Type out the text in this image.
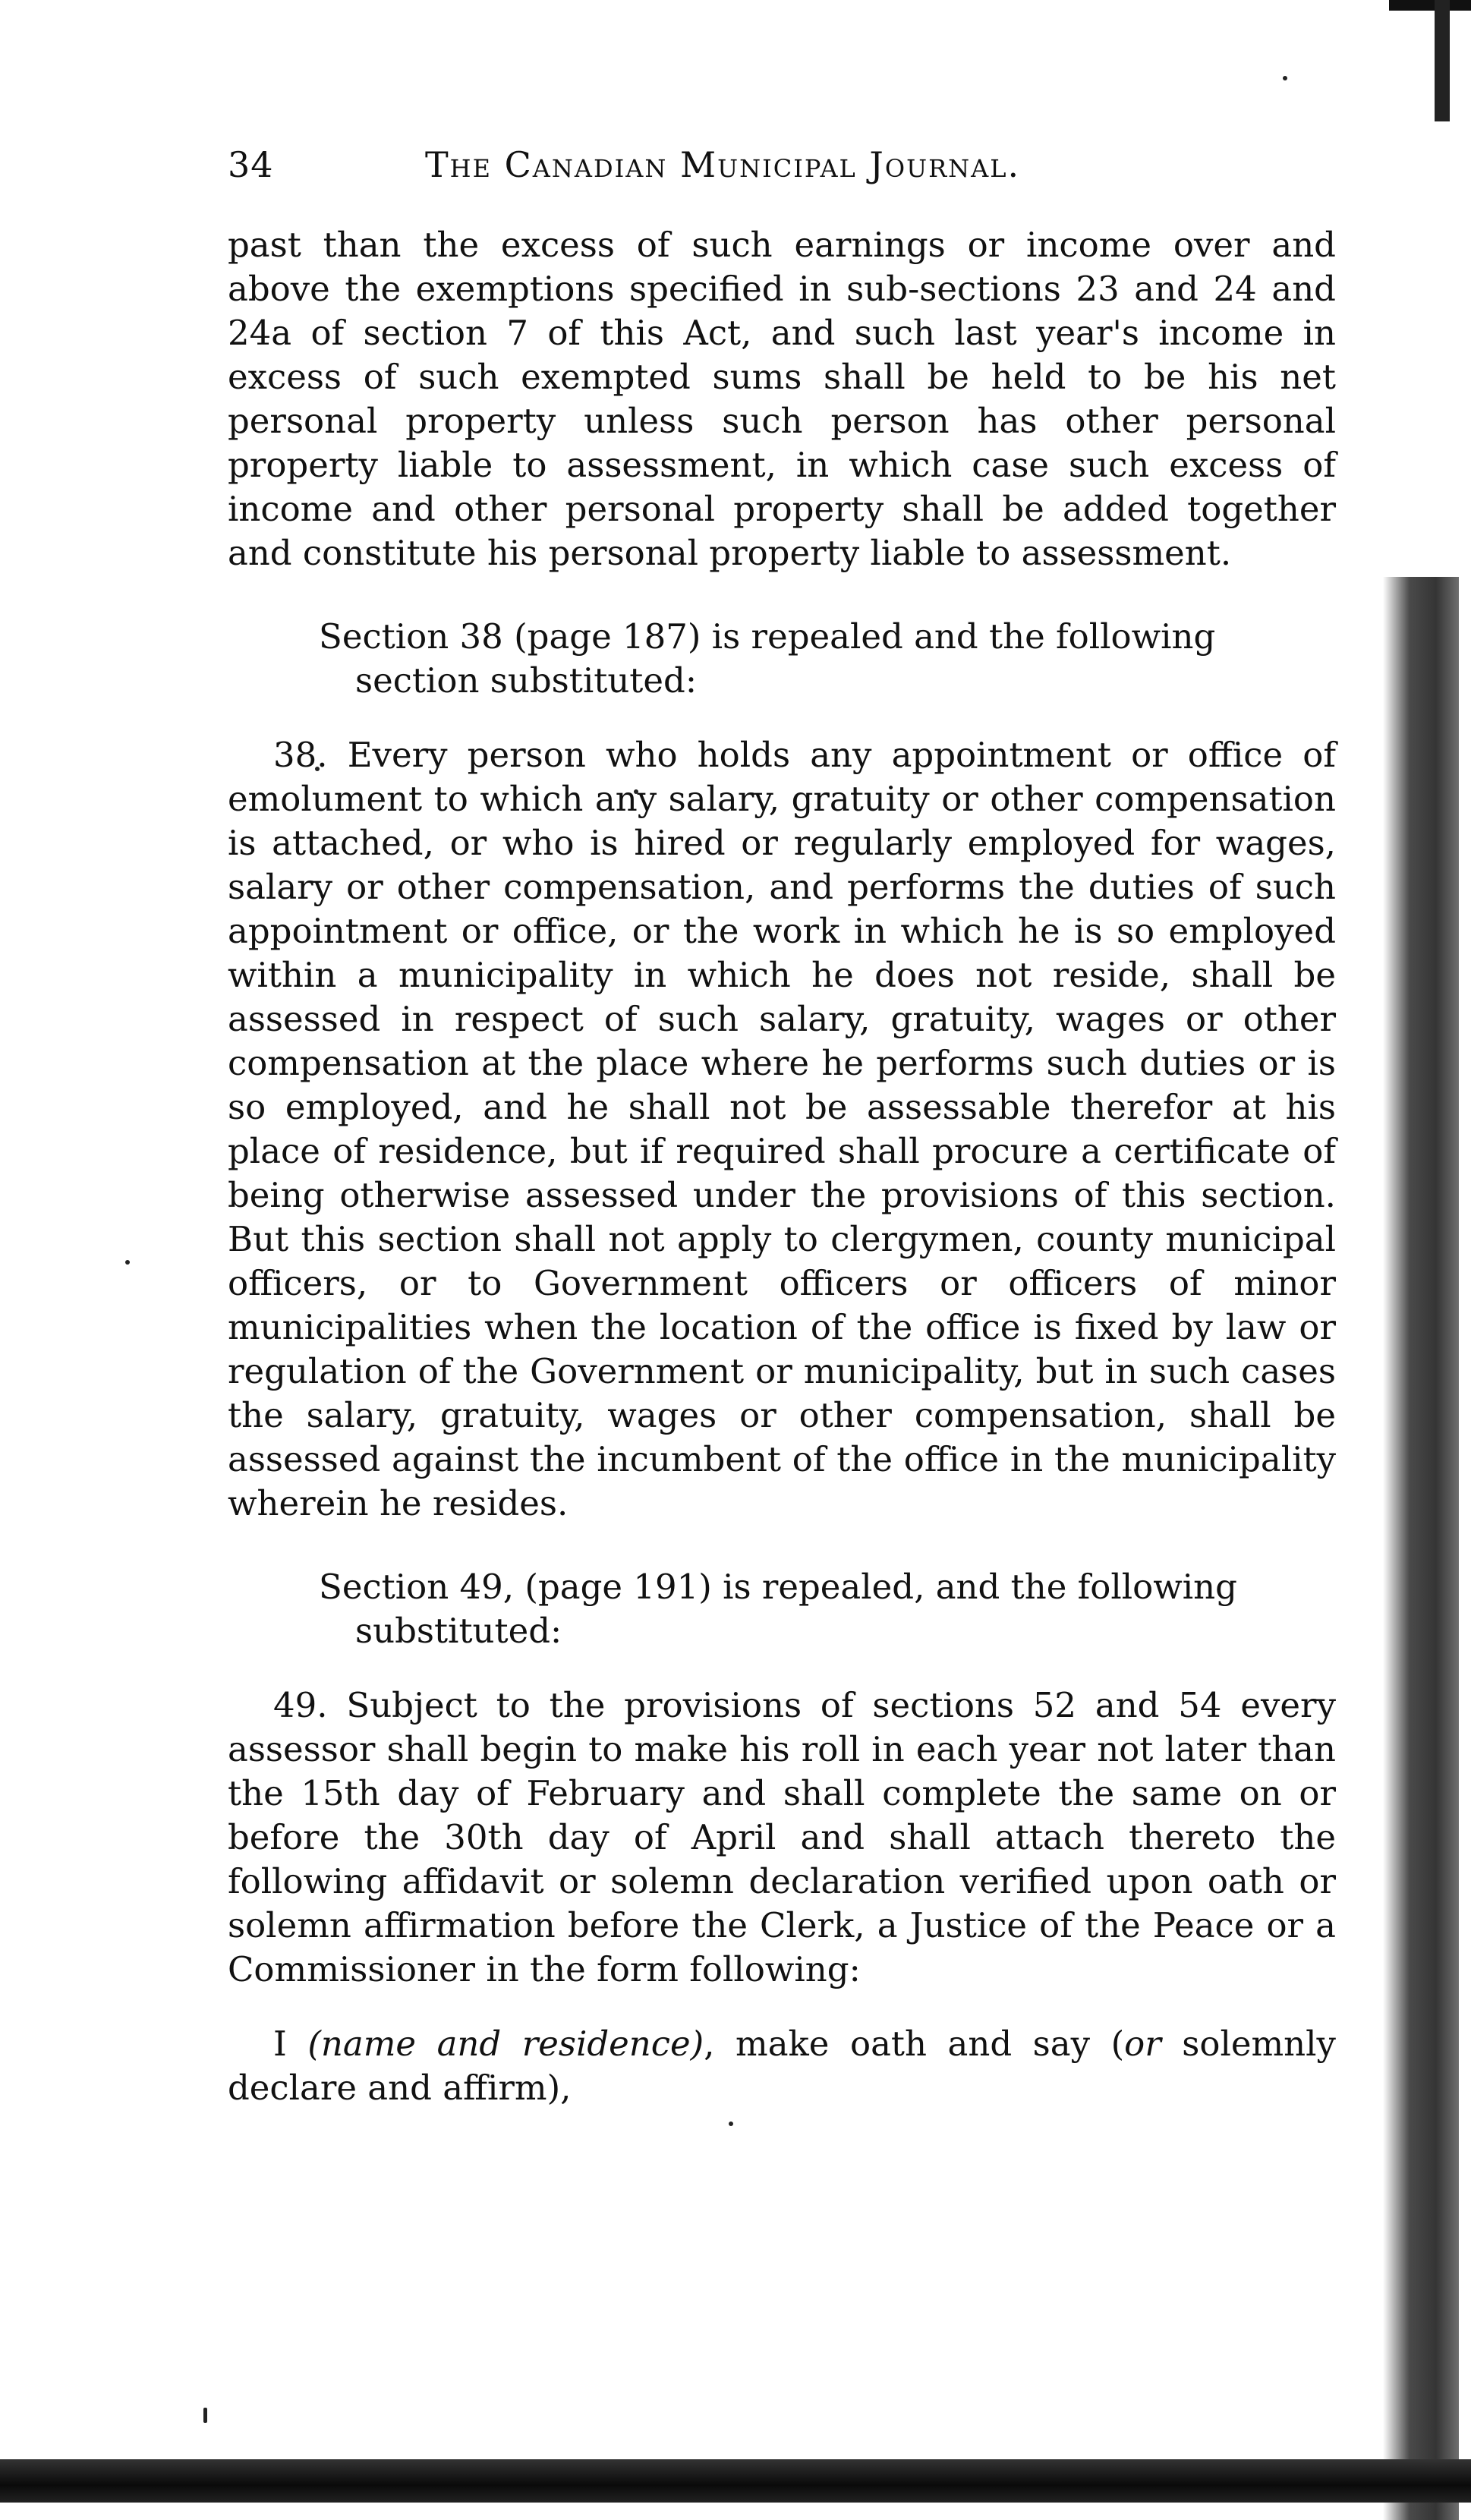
34	The Canadian Municipal Journal.

past than the excess of such earnings or income over and above the exemptions specified in sub-sections 23 and 24 and 24a of section 7 of this Act, and such last year's income in excess of such exempted sums shall be held to be his net personal property unless such person has other personal property liable to assessment, in which case such excess of income and other personal property shall be added together and constitute his personal property liable to assessment.

Section 38 (page 187) is repealed and the following
section substituted:

38. Every person who holds any appointment or office of emolument to which any salary, gratuity or other compensation is attached, or who is hired or regularly employed for wages, salary or other compensation, and performs the duties of such appointment or office, or the work in which he is so employed within a municipality in which he does not reside, shall be assessed in respect of such salary, gratuity, wages or other compensation at the place where he performs such duties or is so employed, and he shall not be assessable therefor at his place of residence, but if required shall procure a certificate of being otherwise assessed under the provisions of this section. But this section shall not apply to clergymen, county municipal officers, or to Government officers or officers of minor municipalities when the location of the office is fixed by law or regulation of the Government or municipality, but in such cases the salary, gratuity, wages or other compensation, shall be assessed against the incumbent of the office in the municipality wherein he resides.

Section 49, (page 191) is repealed, and the following
substituted:

49. Subject to the provisions of sections 52 and 54 every assessor shall begin to make his roll in each year not later than the 15th day of February and shall complete the same on or before the 30th day of April and shall attach thereto the following affidavit or solemn declaration verified upon oath or solemn affirmation before the Clerk, a Justice of the Peace or a Commissioner in the form following:

I (name and residence), make oath and say (or solemnly declare and affirm),
